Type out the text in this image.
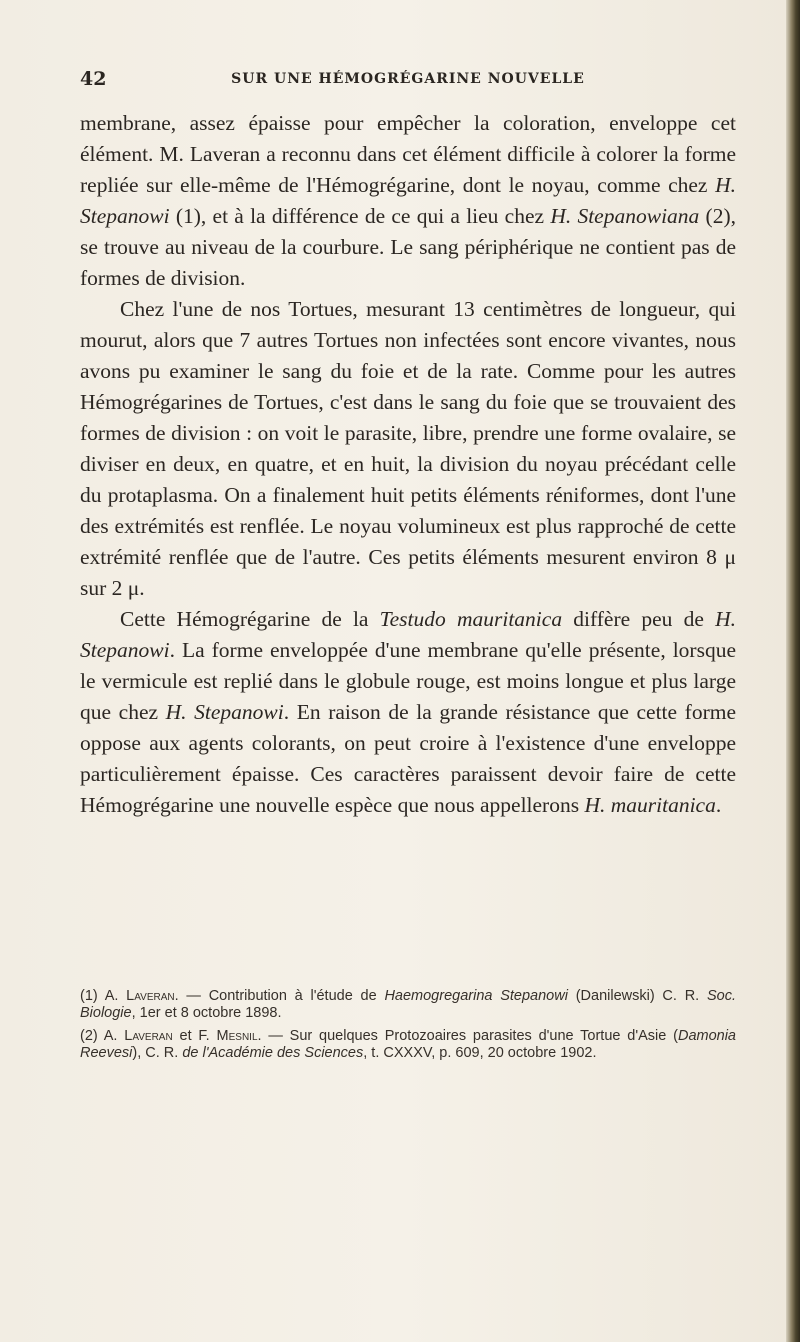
42	SUR UNE HÉMOGRÉGARINE NOUVELLE

membrane, assez épaisse pour empêcher la coloration, enveloppe cet élément. M. Laveran a reconnu dans cet élément difficile à colorer la forme repliée sur elle-même de l'Hémogrégarine, dont le noyau, comme chez H. Stepanowi (1), et à la différence de ce qui a lieu chez H. Stepanowiana (2), se trouve au niveau de la courbure. Le sang périphérique ne contient pas de formes de division.

Chez l'une de nos Tortues, mesurant 13 centimètres de longueur, qui mourut, alors que 7 autres Tortues non infectées sont encore vivantes, nous avons pu examiner le sang du foie et de la rate. Comme pour les autres Hémogrégarines de Tortues, c'est dans le sang du foie que se trouvaient des formes de division : on voit le parasite, libre, prendre une forme ovalaire, se diviser en deux, en quatre, et en huit, la division du noyau précédant celle du protaplasma. On a finalement huit petits éléments réniformes, dont l'une des extrémités est renflée. Le noyau volumineux est plus rapproché de cette extrémité renflée que de l'autre. Ces petits éléments mesurent environ 8 μ sur 2 μ.

Cette Hémogrégarine de la Testudo mauritanica diffère peu de H. Stepanowi. La forme enveloppée d'une membrane qu'elle présente, lorsque le vermicule est replié dans le globule rouge, est moins longue et plus large que chez H. Stepanowi. En raison de la grande résistance que cette forme oppose aux agents colorants, on peut croire à l'existence d'une enveloppe particulièrement épaisse. Ces caractères paraissent devoir faire de cette Hémogrégarine une nouvelle espèce que nous appellerons H. mauritanica.

(1) A. Laveran. — Contribution à l'étude de Haemogregarina Stepanowi (Danilewski) C. R. Soc. Biologie, 1er et 8 octobre 1898.

(2) A. Laveran et F. Mesnil. — Sur quelques Protozoaires parasites d'une Tortue d'Asie (Damonia Reevesi), C. R. de l'Académie des Sciences, t. CXXXV, p. 609, 20 octobre 1902.
